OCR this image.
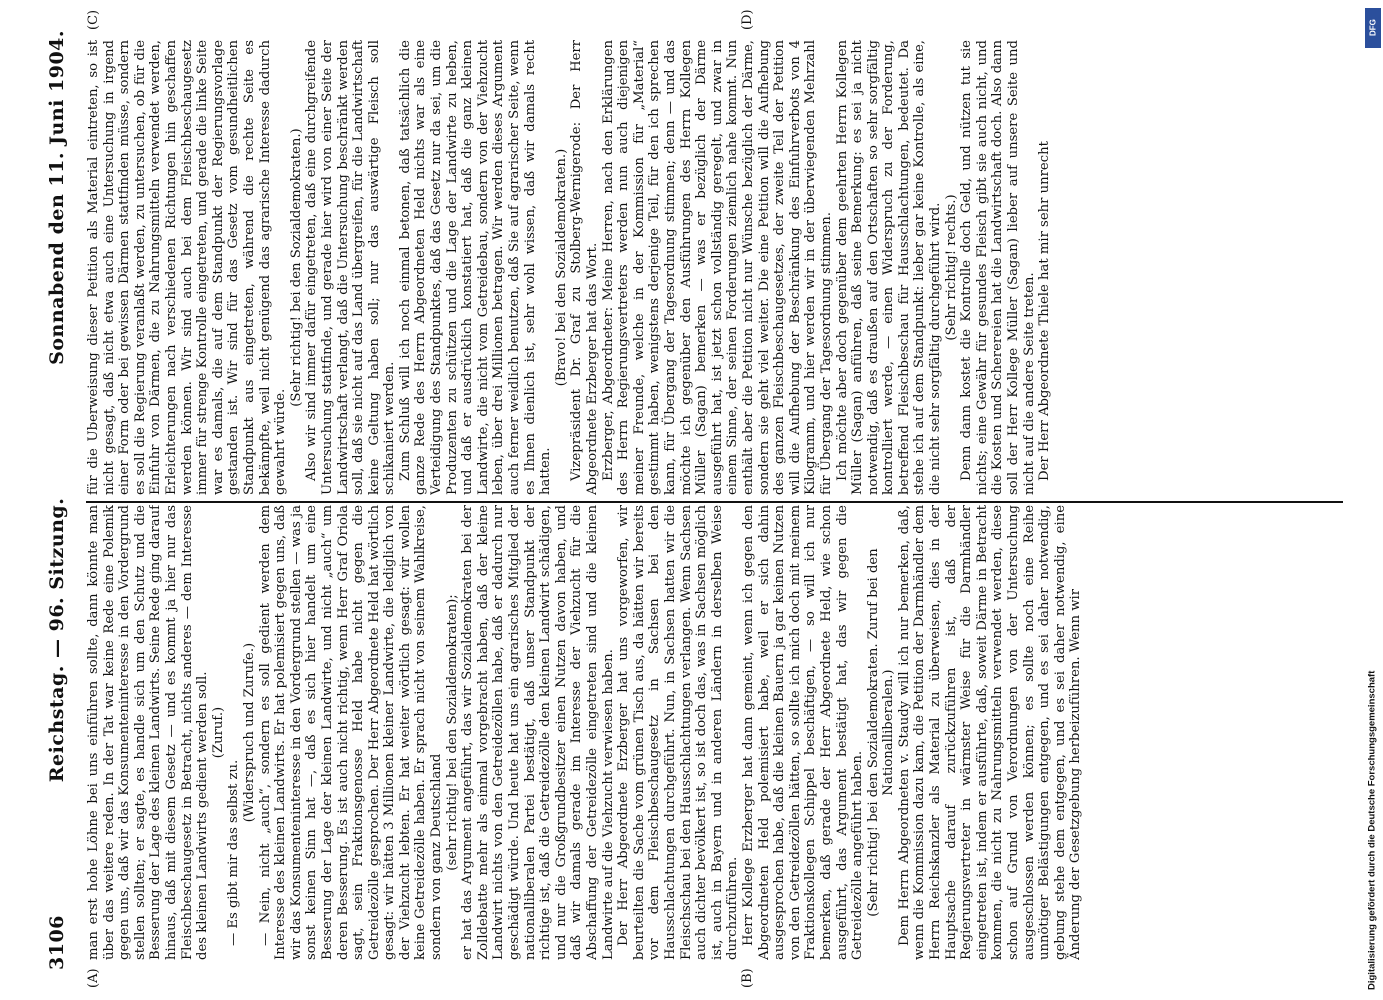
3106
Reichstag. — 96. Sitzung.
Sonnabend den 11. Juni 1904.
(A)	(B)
(C)	(D)

man erst hohe Löhne bei uns einführen sollte, dann könnte man über das weitere reden. In der Tat war keine Rede eine Polemik gegen uns, daß wir das Konsumenteninteresse in den Vordergrund stellen sollten; er sagte, es handle sich um den Schutz und die Besserung der Lage des kleinen Landwirts. Seine Rede ging darauf hinaus, daß mit diesem Gesetz — und es kommt ja hier nur das Fleischbeschaugesetz in Betracht, nichts anderes — dem Interesse des kleinen Landwirts gedient werden soll. (Zuruf.)

— Es gibt mir das selbst zu.

(Widerspruch und Zurufe.) — Nein, nicht „auch“, sondern es soll gedient werden dem Interesse des kleinen Landwirts. Er hat polemisiert gegen uns, daß wir das Konsumenteninteresse in den Vordergrund stellen — was ja sonst keinen Sinn hat —, daß es sich hier handelt um eine Besserung der Lage der kleinen Landwirte, und nicht „auch“ um deren Besserung. Es ist auch nicht richtig, wenn Herr Graf Oriola sagt, sein Fraktionsgenosse Held habe nicht gegen die Getreidezölle gesprochen. Der Herr Abgeordnete Held hat wörtlich gesagt: wir hätten 3 Millionen kleiner Landwirte, die lediglich von der Viehzucht lebten. Er hat weiter wörtlich gesagt: wir wollen keine Getreidezölle haben. Er sprach nicht von seinem Wahlkreise, sondern von ganz Deutschland (sehr richtig! bei den Sozialdemokraten); er hat das Argument angeführt, das wir Sozialdemokraten bei der Zolldebatte mehr als einmal vorgebracht haben, daß der kleine Landwirt nichts von den Getreidezöllen habe, daß er dadurch nur geschädigt würde. Und heute hat uns ein agrarisches Mitglied der nationalliberalen Partei bestätigt, daß unser Standpunkt der richtige ist, daß die Getreidezölle den kleinen Landwirt schädigen, und nur die Großgrundbesitzer einen Nutzen davon haben, und daß wir damals gerade im Interesse der Viehzucht für die Abschaffung der Getreidezölle eingetreten sind und die kleinen Landwirte auf die Viehzucht verwiesen haben. Der Herr Abgeordnete Erzberger hat uns vorgeworfen, wir beurteilten die Sache vom grünen Tisch aus, da hätten wir bereits vor dem Fleischbeschaugesetz in Sachsen bei den Hausschlachtungen durchgeführt. Nun, in Sachsen hatten wir die Fleischschau bei den Hausschlachtungen verlangen. Wenn Sachsen auch dichter bevölkert ist, so ist doch das, was in Sachsen möglich ist, auch in Bayern und in anderen Ländern in derselben Weise durchzuführen. Herr Kollege Erzberger hat dann gemeint, wenn ich gegen den Abgeordneten Held polemisiert habe, weil er sich dahin ausgesprochen habe, daß die kleinen Bauern ja gar keinen Nutzen von den Getreidezöllen hätten, so sollte ich mich doch mit meinem Fraktionskollegen Schippel beschäftigen, — so will ich nur bemerken, daß gerade der Herr Abgeordnete Held, wie schon ausgeführt, das Argument bestätigt hat, das wir gegen die Getreidezölle angeführt haben. (Sehr richtig! bei den Sozialdemokraten. Zuruf bei den Nationalliberalen.) Dem Herrn Abgeordneten v. Staudy will ich nur bemerken, daß, wenn die Kommission dazu kam, die Petition der Darmhändler dem Herrn Reichskanzler als Material zu überweisen, dies in der Hauptsache darauf zurückzuführen ist, daß der Regierungsvertreter in wärmster Weise für die Darmhändler eingetreten ist, indem er ausführte, daß, soweit Därme in Betracht kommen, die nicht zu Nahrungsmitteln verwendet werden, diese schon auf Grund von Verordnungen von der Untersuchung ausgeschlossen werden können; es sollte noch eine Reihe unnötiger Belästigungen entgegen, und es sei daher notwendig, gebung stehe dem entgegen, und es sei daher notwendig, eine Änderung der Gesetzgebung herbeizuführen. Wenn wir

für die Überweisung dieser Petition als Material eintreten, so ist nicht gesagt, daß nicht etwa auch eine Untersuchung in irgend einer Form oder bei gewissen Därmen stattfinden müsse, sondern es soll die Regierung veranlaßt werden, zu untersuchen, ob für die Einfuhr von Därmen, die zu Nahrungsmitteln verwendet werden, Erleichterungen nach verschiedenen Richtungen hin geschaffen werden können. Wir sind auch bei dem Fleischbeschaugesetz immer für strenge Kontrolle eingetreten, und gerade die linke Seite war es damals, die auf dem Standpunkt der Regierungsvorlage gestanden ist. Wir sind für das Gesetz vom gesundheitlichen Standpunkt aus eingetreten, während die rechte Seite es bekämpfte, weil nicht genügend das agrarische Interesse dadurch gewahrt würde.

(Sehr richtig! bei den Sozialdemokraten.) Also wir sind immer dafür eingetreten, daß eine durchgreifende Untersuchung stattfinde, und gerade hier wird von einer Seite der Landwirtschaft verlangt, daß die Untersuchung beschränkt werden soll, daß sie nicht auf das Land übergreifen, für die Landwirtschaft keine Geltung haben soll; nur das auswärtige Fleisch soll schikaniert werden. Zum Schluß will ich noch einmal betonen, daß tatsächlich die ganze Rede des Herrn Abgeordneten Held nichts war als eine Verteidigung des Standpunktes, daß das Gesetz nur da sei, um die Produzenten zu schützen und die Lage der Landwirte zu heben, und daß er ausdrücklich konstatiert hat, daß die ganz kleinen Landwirte, die nicht vom Getreidebau, sondern von der Viehzucht leben, über drei Millionen betragen. Wir werden dieses Argument auch ferner weidlich benutzen, daß Sie auf agrarischer Seite, wenn es Ihnen dienlich ist, sehr wohl wissen, daß wir damals recht hatten.

(Bravo! bei den Sozialdemokraten.) Vizepräsident Dr. Graf zu Stolberg-Wernigerode: Der Herr Abgeordnete Erzberger hat das Wort. Erzberger, Abgeordneter: Meine Herren, nach den Erklärungen des Herrn Regierungsvertreters werden nun auch diejenigen meiner Freunde, welche in der Kommission für „Material“ gestimmt haben, wenigstens derjenige Teil, für den ich sprechen kann, für Übergang der Tagesordnung stimmen; denn — und das möchte ich gegenüber den Ausführungen des Herrn Kollegen Müller (Sagan) bemerken — was er bezüglich der Därme ausgeführt hat, ist jetzt schon vollständig geregelt, und zwar in einem Sinne, der seinen Forderungen ziemlich nahe kommt. Nun enthält aber die Petition nicht nur Wünsche bezüglich der Därme, sondern sie geht viel weiter. Die eine Petition will die Aufhebung des ganzen Fleischbeschaugesetzes, der zweite Teil der Petition will die Aufhebung der Beschränkung des Einfuhrverbots von 4 Kilogramm, und hier werden wir in der überwiegenden Mehrzahl für Übergang der Tagesordnung stimmen. Ich möchte aber doch gegenüber dem geehrten Herrn Kollegen Müller (Sagan) anführen, daß seine Bemerkung: es sei ja nicht notwendig, daß es draußen auf den Ortschaften so sehr sorgfältig kontrolliert werde, — einen Widerspruch zu der Forderung, betreffend Fleischbeschau für Hausschlachtungen, bedeutet. Da stehe ich auf dem Standpunkt: lieber gar keine Kontrolle, als eine, die nicht sehr sorgfältig durchgeführt wird. (Sehr richtig! rechts.) Denn dann kostet die Kontrolle doch Geld, und nützen tut sie nichts; eine Gewähr für gesundes Fleisch gibt sie auch nicht, und die Kosten und Scherereien hat die Landwirtschaft doch. Also dann soll der Herr Kollege Müller (Sagan) lieber auf unsere Seite und nicht auf die andere Seite treten. Der Herr Abgeordnete Thiele hat mir sehr unrecht

DFG
Digitalisierung gefördert durch die Deutsche Forschungsgemeinschaft
